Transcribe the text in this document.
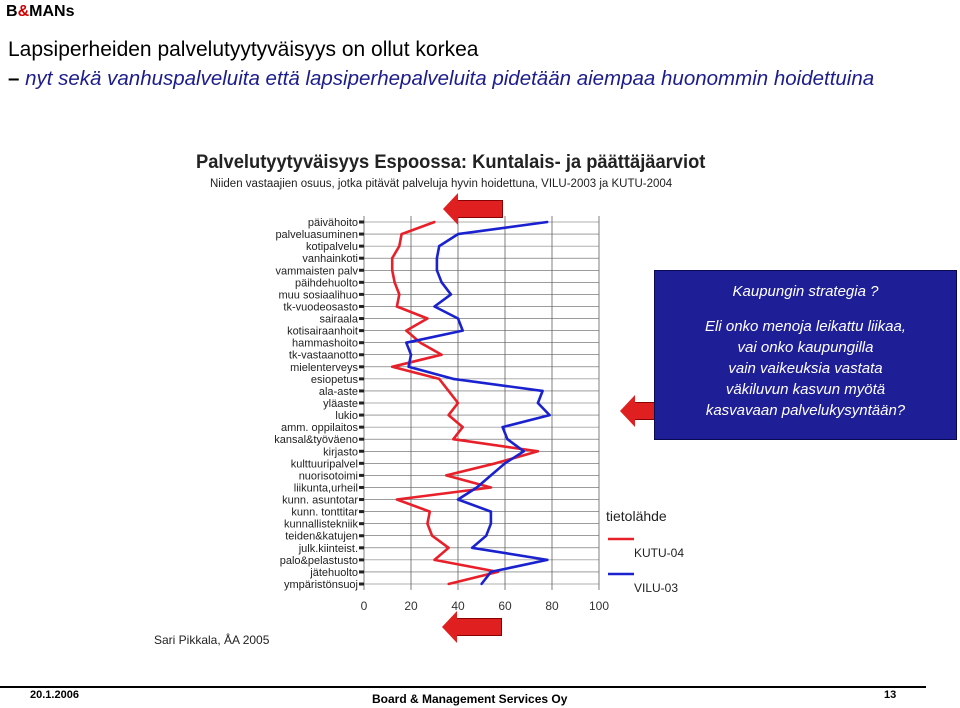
B&MANs
Lapsiperheiden palvelutyytyväisyys on ollut korkea
– nyt sekä vanhuspalveluita että lapsiperhepalveluita pidetään aiempaa huonommin hoidettuina
Palvelutyytyväisyys Espoossa: Kuntalais- ja päättäjäarviot
Niiden vastaajien osuus, jotka pitävät palveluja hyvin hoidettuna, VILU-2003 ja KUTU-2004
0	20	40	60	80	100
päivähoito
palveluasuminen
kotipalvelu
vanhainkoti
vammaisten palv
päihdehuolto
muu sosiaalihuo
tk-vuodeosasto
sairaala
kotisairaanhoit
hammashoito
tk-vastaanotto
mielenterveys
esiopetus
ala-aste
yläaste
lukio
amm. oppilaitos
kansal&työväeno
kirjasto
kulttuuripalvel
nuorisotoimi
liikunta,urheil
kunn. asuntotar
kunn. tonttitar
kunnallistekniik
teiden&katujen
julk.kiinteist.
palo&pelastusto
jätehuolto
ympäristönsuoj
tietolähde
KUTU-04
VILU-03
Sari Pikkala, ÅA 2005
Kaupungin strategia ?
Eli onko menoja leikattu liikaa,
vai onko kaupungilla
vain vaikeuksia vastata
väkiluvun kasvun myötä
kasvavaan palvelukysyntään?
20.1.2006	Board & Management Services Oy	13
